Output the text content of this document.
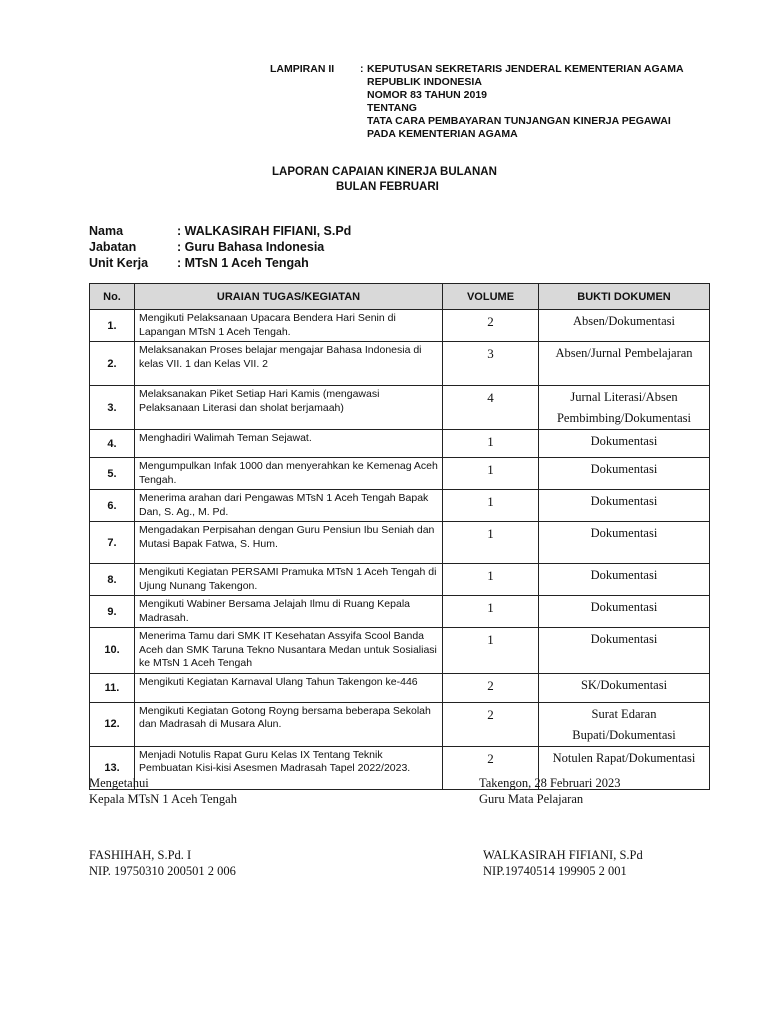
LAMPIRAN II : KEPUTUSAN SEKRETARIS JENDERAL KEMENTERIAN AGAMA
REPUBLIK INDONESIA
NOMOR 83 TAHUN 2019
TENTANG
TATA CARA PEMBAYARAN TUNJANGAN KINERJA PEGAWAI
PADA KEMENTERIAN AGAMA
LAPORAN CAPAIAN KINERJA BULANAN
BULAN FEBRUARI
Nama	: WALKASIRAH FIFIANI, S.Pd
Jabatan	: Guru Bahasa Indonesia
Unit Kerja : MTsN 1 Aceh Tengah
No.	URAIAN TUGAS/KEGIATAN	VOLUME	BUKTI DOKUMEN
1.	Mengikuti Pelaksanaan Upacara Bendera Hari Senin di Lapangan MTsN 1 Aceh Tengah.	2	Absen/Dokumentasi
2.	Melaksanakan Proses belajar mengajar Bahasa Indonesia di kelas VII. 1 dan Kelas VII. 2	3	Absen/Jurnal Pembelajaran
3.	Melaksanakan Piket Setiap Hari Kamis (mengawasi Pelaksanaan Literasi dan sholat berjamaah)	4	Jurnal Literasi/Absen Pembimbing/Dokumentasi
4.	Menghadiri Walimah Teman Sejawat.	1	Dokumentasi
5.	Mengumpulkan Infak 1000 dan menyerahkan ke Kemenag Aceh Tengah.	1	Dokumentasi
6.	Menerima arahan dari Pengawas MTsN 1 Aceh Tengah Bapak Dan, S. Ag., M. Pd.	1	Dokumentasi
7.	Mengadakan Perpisahan dengan Guru Pensiun Ibu Seniah dan Mutasi Bapak Fatwa, S. Hum.	1	Dokumentasi
8.	Mengikuti Kegiatan PERSAMI Pramuka MTsN 1 Aceh Tengah di Ujung Nunang Takengon.	1	Dokumentasi
9.	Mengikuti Wabiner Bersama Jelajah Ilmu di Ruang Kepala Madrasah.	1	Dokumentasi
10.	Menerima Tamu dari SMK IT Kesehatan Assyifa Scool Banda Aceh dan SMK Taruna Tekno Nusantara Medan untuk Sosialiasi ke MTsN 1 Aceh Tengah	1	Dokumentasi
11.	Mengikuti Kegiatan Karnaval Ulang Tahun Takengon ke-446	2	SK/Dokumentasi
12.	Mengikuti Kegiatan Gotong Royng bersama beberapa Sekolah dan Madrasah di Musara Alun.	2	Surat Edaran Bupati/Dokumentasi
13.	Menjadi Notulis Rapat Guru Kelas IX Tentang Teknik Pembuatan Kisi-kisi Asesmen Madrasah Tapel 2022/2023.	2	Notulen Rapat/Dokumentasi
Mengetahui
Kepala MTsN 1 Aceh Tengah
FASHIHAH, S.Pd. I
NIP. 19750310 200501 2 006
Takengon, 28 Februari 2023
Guru Mata Pelajaran
WALKASIRAH FIFIANI, S.Pd
NIP.19740514 199905 2 001
